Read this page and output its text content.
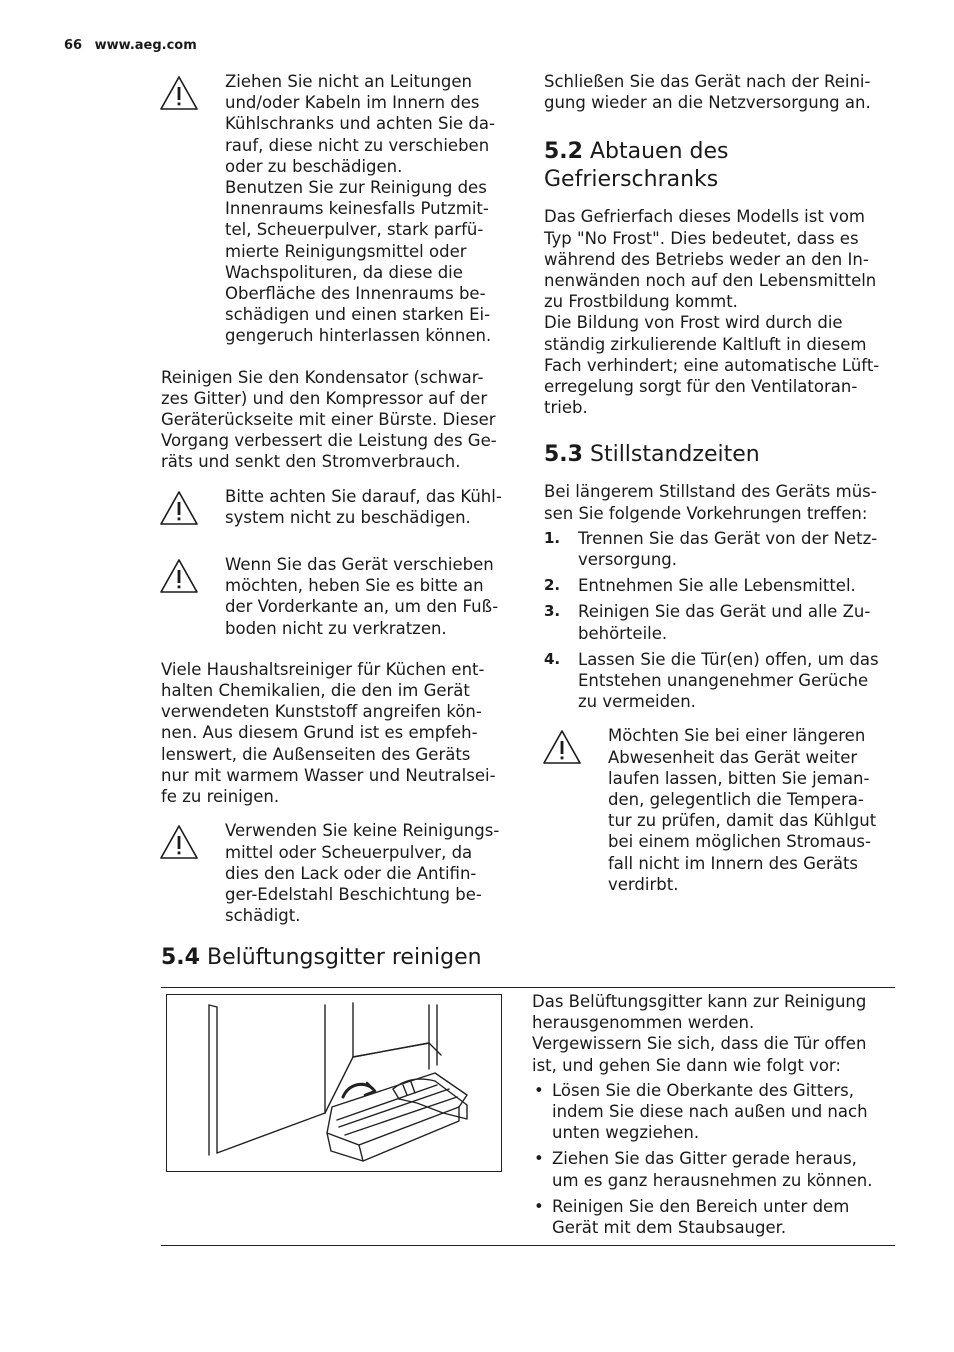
66 www.aeg.com
Ziehen Sie nicht an Leitungen
und/oder Kabeln im Innern des
Kühlschranks und achten Sie da-
rauf, diese nicht zu verschieben
oder zu beschädigen.
Benutzen Sie zur Reinigung des
Innenraums keinesfalls Putzmit-
tel, Scheuerpulver, stark parfü-
mierte Reinigungsmittel oder
Wachspolituren, da diese die
Oberfläche des Innenraums be-
schädigen und einen starken Ei-
gengeruch hinterlassen können.
Reinigen Sie den Kondensator (schwar-
zes Gitter) und den Kompressor auf der
Geräterückseite mit einer Bürste. Dieser
Vorgang verbessert die Leistung des Ge-
räts und senkt den Stromverbrauch.
Bitte achten Sie darauf, das Kühl-
system nicht zu beschädigen.
Wenn Sie das Gerät verschieben
möchten, heben Sie es bitte an
der Vorderkante an, um den Fuß-
boden nicht zu verkratzen.
Viele Haushaltsreiniger für Küchen ent-
halten Chemikalien, die den im Gerät
verwendeten Kunststoff angreifen kön-
nen. Aus diesem Grund ist es empfeh-
lenswert, die Außenseiten des Geräts
nur mit warmem Wasser und Neutralsei-
fe zu reinigen.
Verwenden Sie keine Reinigungs-
mittel oder Scheuerpulver, da
dies den Lack oder die Antifin-
ger-Edelstahl Beschichtung be-
schädigt.
Schließen Sie das Gerät nach der Reini-
gung wieder an die Netzversorgung an.
5.2 Abtauen des
Gefrierschranks
Das Gefrierfach dieses Modells ist vom
Typ "No Frost". Dies bedeutet, dass es
während des Betriebs weder an den In-
nenwänden noch auf den Lebensmitteln
zu Frostbildung kommt.
Die Bildung von Frost wird durch die
ständig zirkulierende Kaltluft in diesem
Fach verhindert; eine automatische Lüft-
erregelung sorgt für den Ventilatoran-
trieb.
5.3 Stillstandzeiten
Bei längerem Stillstand des Geräts müs-
sen Sie folgende Vorkehrungen treffen:
1. Trennen Sie das Gerät von der Netz-
versorgung.
2. Entnehmen Sie alle Lebensmittel.
3. Reinigen Sie das Gerät und alle Zu-
behörteile.
4. Lassen Sie die Tür(en) offen, um das
Entstehen unangenehmer Gerüche
zu vermeiden.
Möchten Sie bei einer längeren
Abwesenheit das Gerät weiter
laufen lassen, bitten Sie jeman-
den, gelegentlich die Tempera-
tur zu prüfen, damit das Kühlgut
bei einem möglichen Stromaus-
fall nicht im Innern des Geräts
verdirbt.
5.4 Belüftungsgitter reinigen
Das Belüftungsgitter kann zur Reinigung
herausgenommen werden.
Vergewissern Sie sich, dass die Tür offen
ist, und gehen Sie dann wie folgt vor:
• Lösen Sie die Oberkante des Gitters,
indem Sie diese nach außen und nach
unten wegziehen.
• Ziehen Sie das Gitter gerade heraus,
um es ganz herausnehmen zu können.
• Reinigen Sie den Bereich unter dem
Gerät mit dem Staubsauger.
